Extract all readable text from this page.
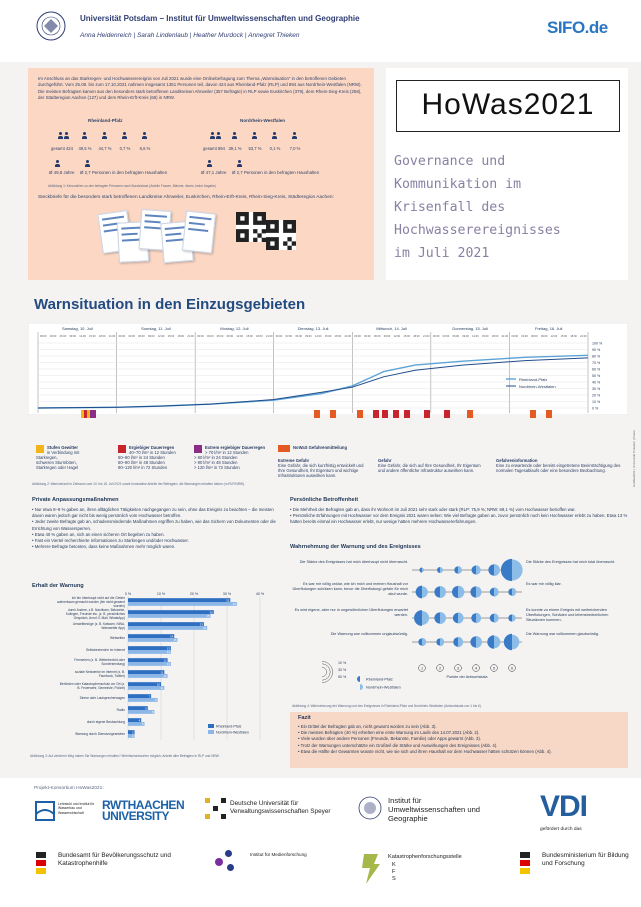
Universität Potsdam – Institut für Umweltwissenschaften und Geographie
Anna Heidenreich | Sarah Lindenlaub | Heather Murdock | Annegret Thieken	SIFO.de

Im Anschluss an das Starkregen- und Hochwasserereignis von Juli 2021 wurde eine Onlinebefragung zum Thema „Warnsituation“ in den betroffenen Gebieten durchgeführt. Vom 25.08. bis zum 17.10.2021 nahmen insgesamt 1351 Personen teil, davon 424 aus Rheinland-Pfalz (RLP) und 894 aus Nordrhein-Westfalen (NRW). Die meisten Befragten kamen aus den besonders stark betroffenen Landkreisen Ahrweiler (357 Befragte) in RLP sowie Euskirchen (379), dem Rhein-Sieg-Kreis (258), der Städteregion Aachen (127) und dem Rhein-Erft-Kreis (68) in NRW.

Rheinland-Pfalz	Nordrhein-Westfalen
gesamt 424	49,5 %	44,7 %	0,7 %	6,6 %
Ø 49,8 Jahre Ø 2,7 Personen in den befragten Haushalten
gesamt 894 39,1 %	53,7 %	0,1 %	7,0 %
Ø 47,1 Jahre Ø 2,7 Personen in den befragten Haushalten
Abbildung 1: Kennzahlen zu den befragten Personen nach Bundesland (Anteile Frauen, Männer, divers, keine Angabe)
Steckbriefe für die besonders stark betroffenen Landkreise Ahrweiler, Euskirchen, Rhein-Erft-Kreis, Rhein-Sieg-Kreis, Städteregion Aachen:
HoWas2021
Governance und
Kommunikation im
Krisenfall des
Hochwasserereignisses
im Juli 2021
Warnsituation in den Einzugsgebieten
Samstag, 10. Juli
00:00 03:00 06:00 09:00 12:00 15:00 18:00 21:00
Sonntag, 11. Juli
00:00 03:00 06:00 09:00 12:00 15:00 18:00 21:00
Montag, 12. Juli
00:00 03:00 06:00 09:00 12:00 15:00 18:00 21:00
Dienstag, 13. Juli
00:00 03:00 06:00 09:00 12:00 15:00 18:00 21:00
Mittwoch, 14. Juli
00:00 03:00 06:00 09:00 12:00 15:00 18:00 21:00
Donnerstag, 15. Juli
00:00 03:00 06:00 09:00 12:00 15:00 18:00 21:00
Freitag, 16. Juli
00:00 03:00 06:00 09:00 12:00 15:00 18:00 21:00
100 %
90 %
80 %
70 %
60 %
50 %
40 %
30 %
20 %
10 %
0 %
Rheinland-Pfalz
Nordrhein-Westfalen
Stufen Gewitter
in Verbindung mit Starkregen,
schweren Sturmböen,
Starkregen oder Hagel
Ergiebiger Dauerregen
40–70 l/m² in 12 Stunden
50–80 l/m² in 24 Stunden
60–90 l/m² in 48 Stunden
90–120 l/m² in 72 Stunden
Extrem ergiebiger Dauerregen
> 70 l/m² in 12 Stunden
> 80 l/m² in 24 Stunden
> 90 l/m² in 48 Stunden
> 120 l/m² in 72 Stunden
NoWaS Gefahrenmitteilung
Extreme Gefahr
Eine Gefahr, die sich kurzfristig entwickelt und Ihre Gesundheit, Ihr Eigentum und wichtige Infrastrukturen auswirken kann.
Gefahr
Eine Gefahr, die sich auf Ihre Gesundheit, Ihr Eigentum und andere öffentliche Infrastruktur auswirken kann.
Gefahreninformation
Eine zu erwartende oder bereits eingetretene Beeinträchtigung des normalen Tagesablaufs oder eine besondere Beobachtung.
Abbildung 2: Warnverlauf im Zeitraum vom 10. bis 16. Juli 2021 sowie kumulative Anteile der Befragten, die Warnungen erhalten haben (n=RLP/NRW).
Private Anpassungsmaßnahmen
• Nur etwa 8–9 % gaben an, ihren alltäglichen Tätigkeiten nachgegangen zu sein, ohne das Ereignis zu beachten – die meisten davon waren jedoch gar nicht bis wenig persönlich vom Hochwasser betroffen.
• Jeder zweite Befragte gab an, schadensmindernde Maßnahmen ergriffen zu haben, wie das Sichern von Dokumenten oder die Errichtung von Wassersperren.
• Etwa 40 % gaben an, sich an einen sicheren Ort begeben zu haben.
• Fast ein Viertel recherchierte Informationen zu Starkregen und/oder Hochwasser.
• Mehrere Befragte betonten, dass keine Maßnahmen mehr möglich waren.
Erhalt der Warnung
0 %	10 %	20 %	30 %	40 %
ich bin überhaupt nicht auf die Gefahr aufmerksam gemacht worden (bin nicht gewarnt worden)
31
33
durch Andere, z.B. Nachbarn, Bekannte, Kollegen, Freunde etc. (z. B. persönliches Gespräch, Anruf, E-Mail, WhatsApp)
26
25
Umweltbezüge (z. B. Katwarn, NINA, Warnwetter App)
23
24
Webseiten	14
15
Selbstrecherche im Internet	13
13
Fernsehen (z. B. Wetterbericht oder Sondersendung)
12
13
soziale Netzwerke im Internet (z. B. Facebook, Twitter)
11
12
Behörden oder Katastrophenschutz vor Ort (z. B. Feuerwehr, Gemeinde, Polizei)
10
11
Sirene oder Lautsprecherwagen	7
9
Radio	6
8
durch eigene Beobachtung	4
5
Warnung durch Dienstvorgesetzten	2
2
Rheinland-Pfalz
Nordrhein-Westfalen
Abbildung 3: Auf welchem Weg haben Sie Warnungen erhalten? Mehrfachantworten möglich; Anteile aller Befragten in RLP und NRW.
Persönliche Betroffenheit
• Die Mehrheit der Befragten gab an, dass ihr Wohnort im Juli 2021 sehr stark oder stark (RLP: 75,9 %; NRW: 69,1 %) vom Hochwasser betroffen war.
• Persönliche Erfahrungen mit Hochwasser vor dem Ereignis 2021 waren selten: Wie viel Befragte gaben an, zuvor persönlich noch kein Hochwasser erlebt zu haben. Etwa 13 % hatten bereits einmal ein Hochwasser erlebt, nur wenige hatten mehrere Hochwassererfahrungen.
Wahrnehmung der Warnung und des Ereignisses
Die Stärke des Ereignisses hat mich überhaupt nicht überrascht.	Die Stärke des Ereignisses hat mich total überrascht.
Es war mir völlig unklar, wie ich mich und meinen Haushalt vor Überflutungen schützen kann, bevor die Überflutung/-gefahr für mich akut wurde.
Es war mir völlig klar.
Es wird eigene, aber nur in ungewöhnlichen Überflutungen erwartet werden.
Es konnte zu einem Ereignis mit weitreichenden Überflutungen, Schäden und lebensbedrohlichen Situationen kommen.
Die Warnung war vollkommen unglaubwürdig.	Die Warnung war vollkommen glaubwürdig.
1	2	3	4	5	6
Punkte der Antwortskala
10 %
30 %
50 %
Rheinland-Pfalz
Nordrhein-Westfalen
Abbildung 4: Wahrnehmung der Warnung und des Ereignisses in Rheinland-Pfalz und Nordrhein-Westfalen (Antwortskala von 1 bis 6).
Fazit
• Ein Drittel der Befragten gab an, nicht gewarnt worden zu sein (Abb. 3).
• Die meisten Befragten (40 %) erhielten eine erste Warnung im Laufe des 14.07.2021 (Abb. 2).
• Viele wurden über andere Personen (Freunde, Bekannte, Familie) oder Apps gewarnt (Abb. 3).
• Trotz der Warnungen unterschätzte ein Großteil die Stärke und Auswirkungen des Ereignisses (Abb. 4).
• Etwa die Hälfte der Gewarnten wusste nicht, wie sie sich und ihren Haushalt vor dem Hochwasser hätten schützen können (Abb. 4).
HoWas2021 | Universität Potsdam | Poster
Projekt-Konsortium HoWas2021:
Lehrstuhl und Institut für Wasserbau und Wasserwirtschaft
RWTHAACHEN UNIVERSITY
Deutsche Universität für Verwaltungswissenschaften Speyer
Institut für Umweltwissenschaften und Geographie	VDI
gefördert durch das
Bundesamt für Bevölkerungsschutz und Katastrophenhilfe
Institut für Medienforschung	Katastrophenforschungsstelle
K F S
Bundesministerium für Bildung und Forschung
